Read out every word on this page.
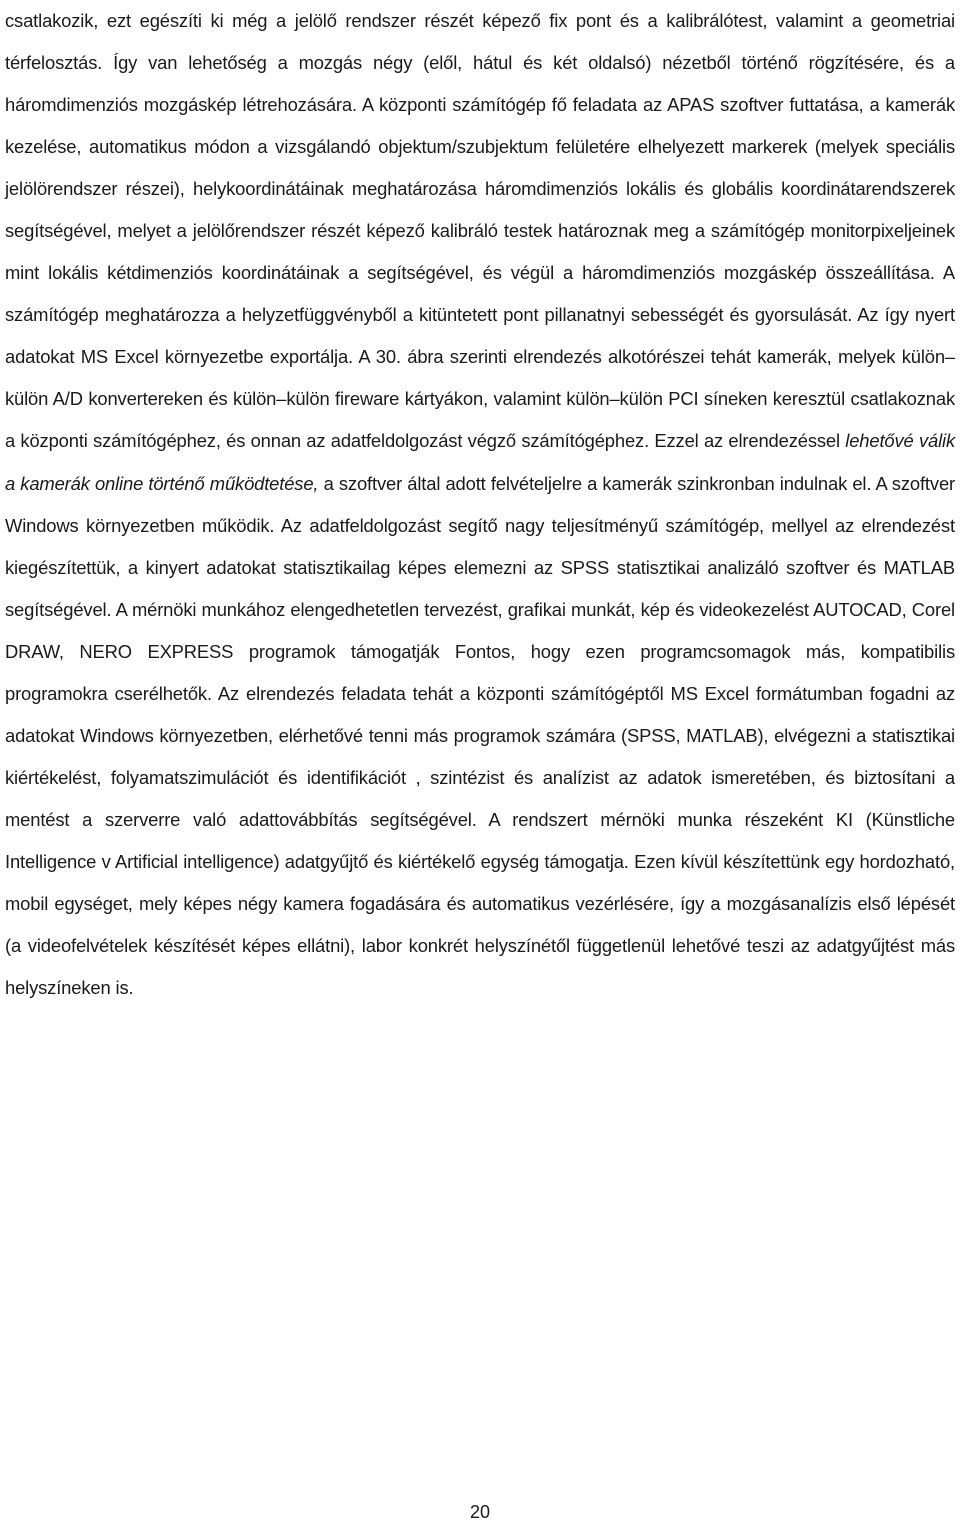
csatlakozik, ezt egészíti ki még a jelölő rendszer részét képező fix pont és a kalibrálótest, valamint a geometriai térfelosztás. Így van lehetőség a mozgás négy (elől, hátul és két oldalsó) nézetből történő rögzítésére, és a háromdimenziós mozgáskép létrehozására. A központi számítógép fő feladata az APAS szoftver futtatása, a kamerák kezelése, automatikus módon a vizsgálandó objektum/szubjektum felületére elhelyezett markerek (melyek speciális jelölörendszer részei), helykoordinátáinak meghatározása háromdimenziós lokális és globális koordinátarendszerek segítségével, melyet a jelölőrendszer részét képező kalibráló testek határoznak meg a számítógép monitorpixeljeinek mint lokális kétdimenziós koordinátáinak a segítségével, és végül a háromdimenziós mozgáskép összeállítása. A számítógép meghatározza a helyzetfüggvényből a kitüntetett pont pillanatnyi sebességét és gyorsulását. Az így nyert adatokat MS Excel környezetbe exportálja. A 30. ábra szerinti elrendezés alkotórészei tehát kamerák, melyek külön–külön A/D konvertereken és külön–külön fireware kártyákon, valamint külön–külön PCI síneken keresztül csatlakoznak a központi számítógéphez, és onnan az adatfeldolgozást végző számítógéphez. Ezzel az elrendezéssel lehetővé válik a kamerák online történő működtetése, a szoftver által adott felvételjelre a kamerák szinkronban indulnak el. A szoftver Windows környezetben működik. Az adatfeldolgozást segítő nagy teljesítményű számítógép, mellyel az elrendezést kiegészítettük, a kinyert adatokat statisztikailag képes elemezni az SPSS statisztikai analizáló szoftver és MATLAB segítségével. A mérnöki munkához elengedhetetlen tervezést, grafikai munkát, kép és videokezelést AUTOCAD, Corel DRAW, NERO EXPRESS programok támogatják Fontos, hogy ezen programcsomagok más, kompatibilis programokra cserélhetők. Az elrendezés feladata tehát a központi számítógéptől MS Excel formátumban fogadni az adatokat Windows környezetben, elérhetővé tenni más programok számára (SPSS, MATLAB), elvégezni a statisztikai kiértékelést, folyamatszimulációt és identifikációt , szintézist és analízist az adatok ismeretében, és biztosítani a mentést a szerverre való adattovábbítás segítségével. A rendszert mérnöki munka részeként KI (Künstliche Intelligence v Artificial intelligence) adatgyűjtő és kiértékelő egység támogatja. Ezen kívül készítettünk egy hordozható, mobil egységet, mely képes négy kamera fogadására és automatikus vezérlésére, így a mozgásanalízis első lépését (a videofelvételek készítését képes ellátni), labor konkrét helyszínétől függetlenül lehetővé teszi az adatgyűjtést más helyszíneken is.

20
